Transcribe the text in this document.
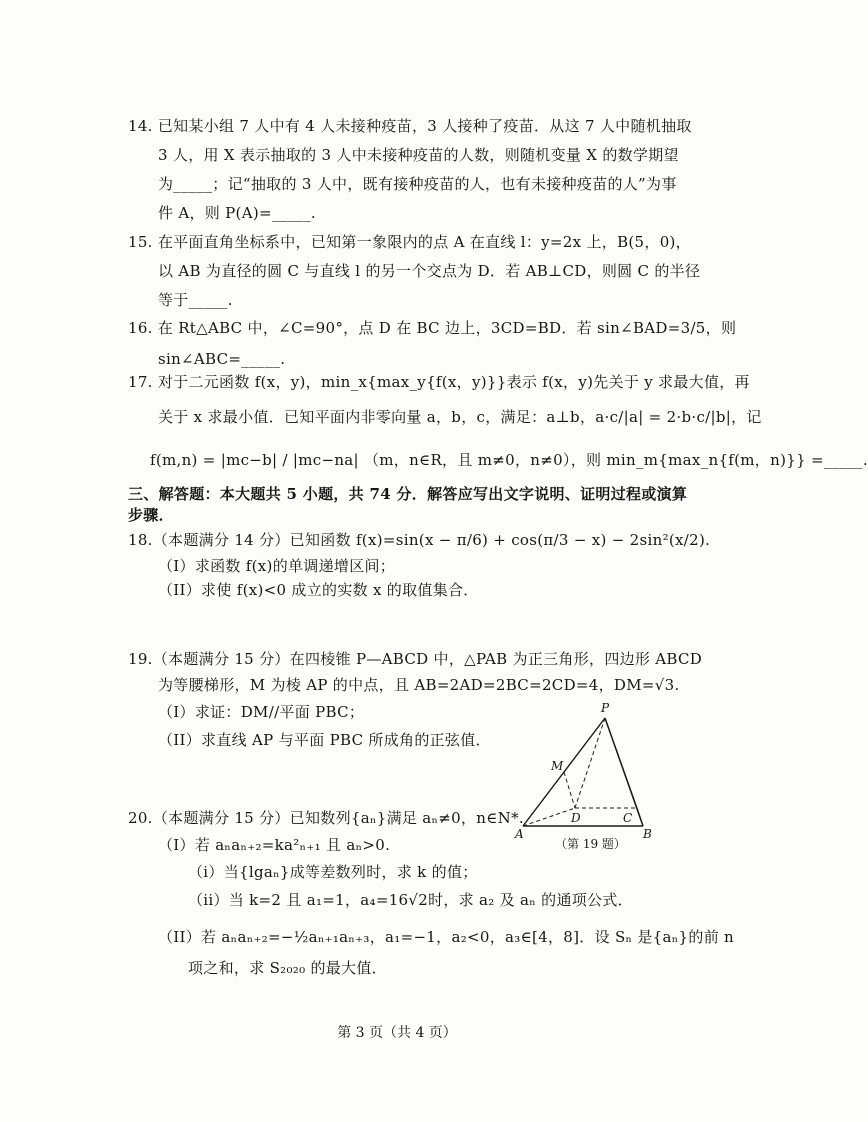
14. 已知某小组 7 人中有 4 人未接种疫苗，3 人接种了疫苗．从这 7 人中随机抽取
3 人，用 X 表示抽取的 3 人中未接种疫苗的人数，则随机变量 X 的数学期望
为_____；记“抽取的 3 人中，既有接种疫苗的人，也有未接种疫苗的人”为事
件 A，则 P(A)=_____.
15. 在平面直角坐标系中，已知第一象限内的点 A 在直线 l：y=2x 上，B(5，0)，
以 AB 为直径的圆 C 与直线 l 的另一个交点为 D．若 AB⊥CD，则圆 C 的半径
等于_____.
16. 在 Rt△ABC 中，∠C=90°，点 D 在 BC 边上，3CD=BD．若 sin∠BAD=3/5，则
sin∠ABC=_____.
17. 对于二元函数 f(x，y)，min_x{max_y{f(x，y)}}表示 f(x，y)先关于 y 求最大值，再
关于 x 求最小值．已知平面内非零向量 a，b，c，满足：a⊥b，a·c/|a| = 2·b·c/|b|，记
f(m,n) = |mc−b| / |mc−na| （m，n∈R，且 m≠0，n≠0），则 min_m{max_n{f(m，n)}} =_____.
三、解答题：本大题共 5 小题，共 74 分．解答应写出文字说明、证明过程或演算
步骤．
18.（本题满分 14 分）已知函数 f(x)=sin(x − π/6) + cos(π/3 − x) − 2sin²(x/2).
（I）求函数 f(x)的单调递增区间；
（II）求使 f(x)<0 成立的实数 x 的取值集合．
19.（本题满分 15 分）在四棱锥 P—ABCD 中，△PAB 为正三角形，四边形 ABCD
为等腰梯形，M 为棱 AP 的中点，且 AB=2AD=2BC=2CD=4，DM=√3.
（I）求证：DM//平面 PBC；
（II）求直线 AP 与平面 PBC 所成角的正弦值．
P
M
A	B
C
D
（第 19 题）
20.（本题满分 15 分）已知数列{aₙ}满足 aₙ≠0，n∈N*.
（I）若 aₙaₙ₊₂=ka²ₙ₊₁ 且 aₙ>0.
（i）当{lgaₙ}成等差数列时，求 k 的值；
（ii）当 k=2 且 a₁=1，a₄=16√2时，求 a₂ 及 aₙ 的通项公式．
（II）若 aₙaₙ₊₂=−½aₙ₊₁aₙ₊₃，a₁=−1，a₂<0，a₃∈[4，8]．设 Sₙ 是{aₙ}的前 n
项之和，求 S₂₀₂₀ 的最大值．
第 3 页（共 4 页）
